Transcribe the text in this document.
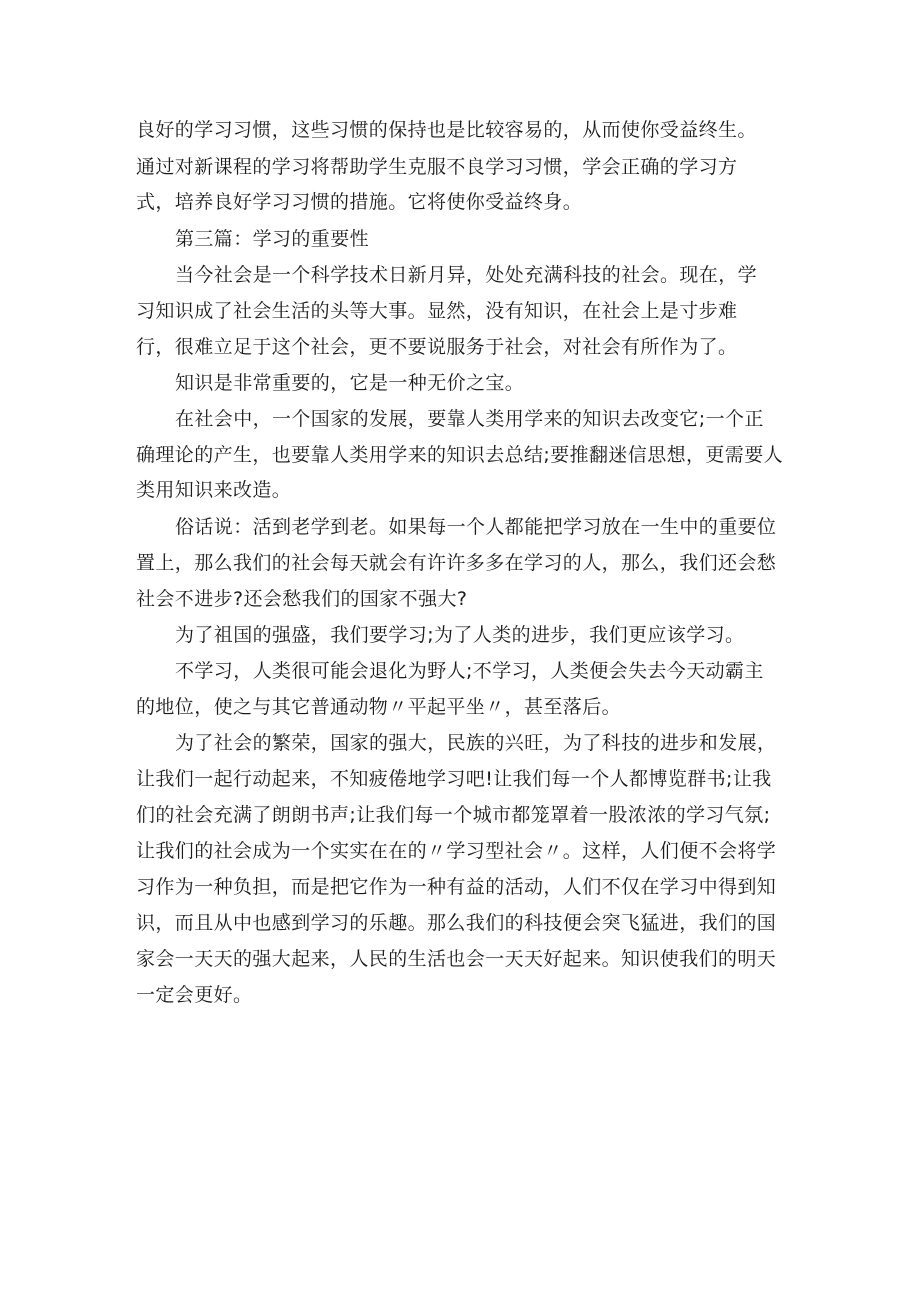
良好的学习习惯，这些习惯的保持也是比较容易的，从而使你受益终生。
通过对新课程的学习将帮助学生克服不良学习习惯，学会正确的学习方
式，培养良好学习习惯的措施。它将使你受益终身。
第三篇：学习的重要性
当今社会是一个科学技术日新月异，处处充满科技的社会。现在，学
习知识成了社会生活的头等大事。显然，没有知识，在社会上是寸步难
行，很难立足于这个社会，更不要说服务于社会，对社会有所作为了。
知识是非常重要的，它是一种无价之宝。
在社会中，一个国家的发展，要靠人类用学来的知识去改变它;一个正
确理论的产生，也要靠人类用学来的知识去总结;要推翻迷信思想，更需要人
类用知识来改造。
俗话说：活到老学到老。如果每一个人都能把学习放在一生中的重要位
置上，那么我们的社会每天就会有许许多多在学习的人，那么，我们还会愁
社会不进步?还会愁我们的国家不强大?
为了祖国的强盛，我们要学习;为了人类的进步，我们更应该学习。
不学习，人类很可能会退化为野人;不学习，人类便会失去今天动霸主
的地位，使之与其它普通动物〃平起平坐〃，甚至落后。
为了社会的繁荣，国家的强大，民族的兴旺，为了科技的进步和发展，
让我们一起行动起来，不知疲倦地学习吧!让我们每一个人都博览群书;让我
们的社会充满了朗朗书声;让我们每一个城市都笼罩着一股浓浓的学习气氛;
让我们的社会成为一个实实在在的〃学习型社会〃。这样，人们便不会将学
习作为一种负担，而是把它作为一种有益的活动，人们不仅在学习中得到知
识，而且从中也感到学习的乐趣。那么我们的科技便会突飞猛进，我们的国
家会一天天的强大起来，人民的生活也会一天天好起来。知识使我们的明天
一定会更好。
